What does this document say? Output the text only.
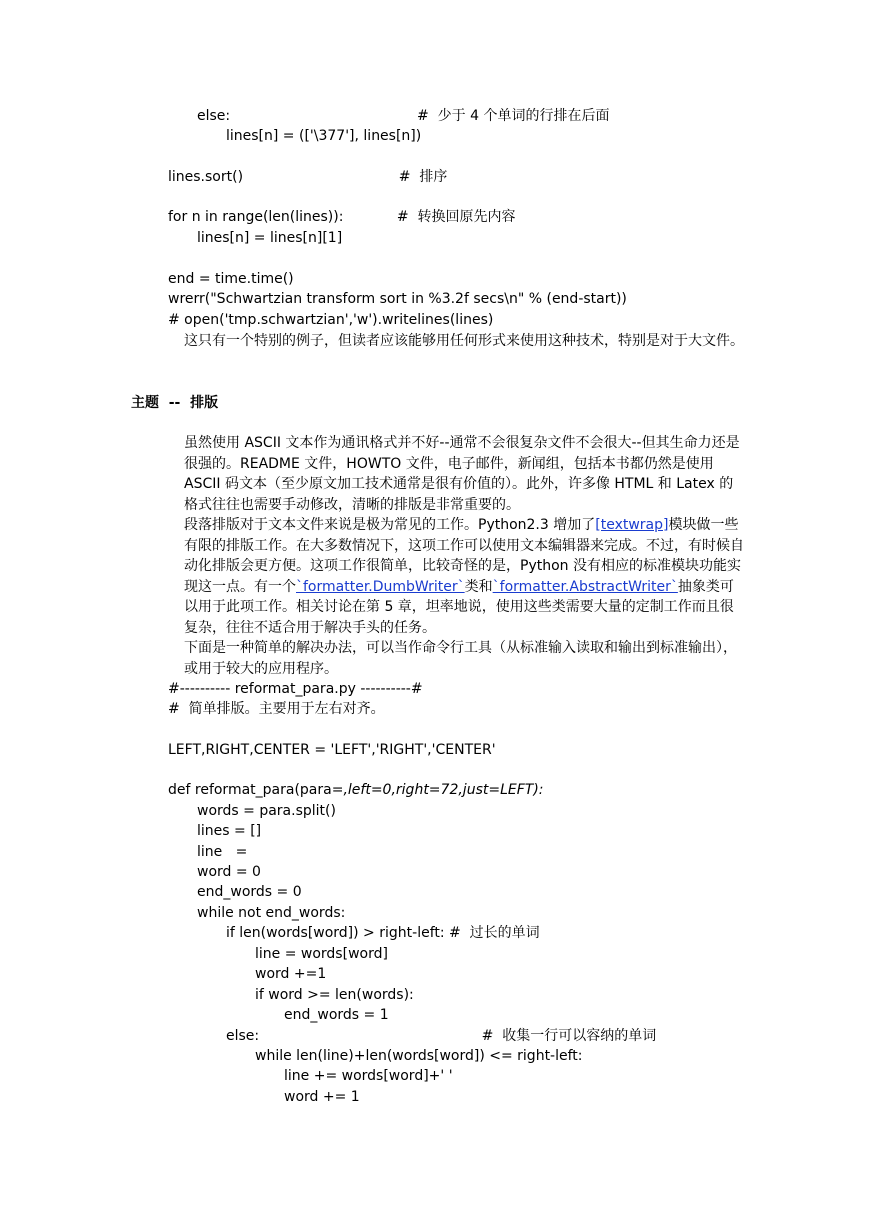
else:                                          #  少于 4 个单词的行排在后面
lines[n] = (['\377'], lines[n])
lines.sort()                                   #  排序
for n in range(len(lines)):            #  转换回原先内容
lines[n] = lines[n][1]
end = time.time()
wrerr("Schwartzian transform sort in %3.2f secs\n" % (end-start))
# open('tmp.schwartzian','w').writelines(lines)
这只有一个特别的例子，但读者应该能够用任何形式来使用这种技术，特别是对于大文件。
主题  --  排版
虽然使用 ASCII 文本作为通讯格式并不好--通常不会很复杂文件不会很大--但其生命力还是很强的。README 文件，HOWTO 文件，电子邮件，新闻组，包括本书都仍然是使用 ASCII 码文本（至少原文加工技术通常是很有价值的）。此外，许多像 HTML 和 Latex 的格式往往也需要手动修改，清晰的排版是非常重要的。
段落排版对于文本文件来说是极为常见的工作。Python2.3 增加了[textwrap]模块做一些有限的排版工作。在大多数情况下，这项工作可以使用文本编辑器来完成。不过，有时候自动化排版会更方便。这项工作很简单，比较奇怪的是，Python 没有相应的标准模块功能实现这一点。有一个`formatter.DumbWriter`类和`formatter.AbstractWriter`抽象类可以用于此项工作。相关讨论在第 5 章，坦率地说，使用这些类需要大量的定制工作而且很复杂，往往不适合用于解决手头的任务。
下面是一种简单的解决办法，可以当作命令行工具（从标准输入读取和输出到标准输出），或用于较大的应用程序。
#---------- reformat_para.py ----------#
#  简单排版。主要用于左右对齐。
LEFT,RIGHT,CENTER = 'LEFT','RIGHT','CENTER'
def reformat_para(para=,left=0,right=72,just=LEFT):
words = para.split()
lines = []
line   =
word = 0
end_words = 0
while not end_words:
if len(words[word]) > right-left: #  过长的单词
line = words[word]
word +=1
if word >= len(words):
end_words = 1
else:                                                  #  收集一行可以容纳的单词
while len(line)+len(words[word]) <= right-left:
line += words[word]+' '
word += 1
